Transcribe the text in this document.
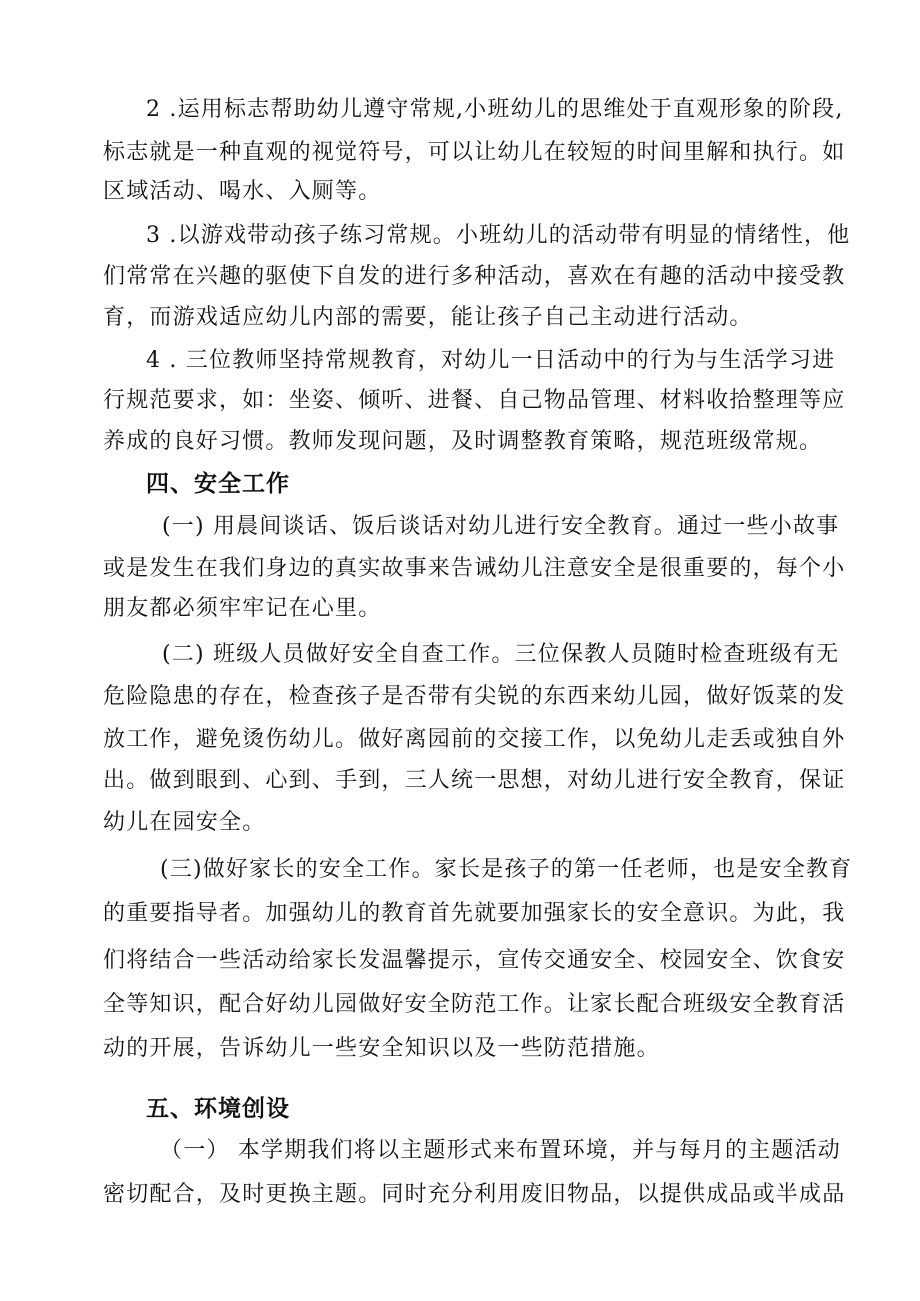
2 .运用标志帮助幼儿遵守常规,小班幼儿的思维处于直观形象的阶段,
标志就是一种直观的视觉符号，可以让幼儿在较短的时间里解和执行。如
区域活动、喝水、入厕等。
3 .以游戏带动孩子练习常规。小班幼儿的活动带有明显的情绪性，他
们常常在兴趣的驱使下自发的进行多种活动，喜欢在有趣的活动中接受教
育，而游戏适应幼儿内部的需要，能让孩子自己主动进行活动。
4 . 三位教师坚持常规教育，对幼儿一日活动中的行为与生活学习进
行规范要求，如：坐姿、倾听、进餐、自己物品管理、材料收拾整理等应
养成的良好习惯。教师发现问题，及时调整教育策略，规范班级常规。
四、安全工作
(一) 用晨间谈话、饭后谈话对幼儿进行安全教育。通过一些小故事
或是发生在我们身边的真实故事来告诫幼儿注意安全是很重要的，每个小
朋友都必须牢牢记在心里。
(二) 班级人员做好安全自查工作。三位保教人员随时检查班级有无
危险隐患的存在，检查孩子是否带有尖锐的东西来幼儿园，做好饭菜的发
放工作，避免烫伤幼儿。做好离园前的交接工作，以免幼儿走丢或独自外
出。做到眼到、心到、手到，三人统一思想，对幼儿进行安全教育，保证
幼儿在园安全。
(三)做好家长的安全工作。家长是孩子的第一任老师，也是安全教育
的重要指导者。加强幼儿的教育首先就要加强家长的安全意识。为此，我
们将结合一些活动给家长发温馨提示，宣传交通安全、校园安全、饮食安
全等知识，配合好幼儿园做好安全防范工作。让家长配合班级安全教育活
动的开展，告诉幼儿一些安全知识以及一些防范措施。
五、环境创设
（一） 本学期我们将以主题形式来布置环境，并与每月的主题活动
密切配合，及时更换主题。同时充分利用废旧物品，以提供成品或半成品
